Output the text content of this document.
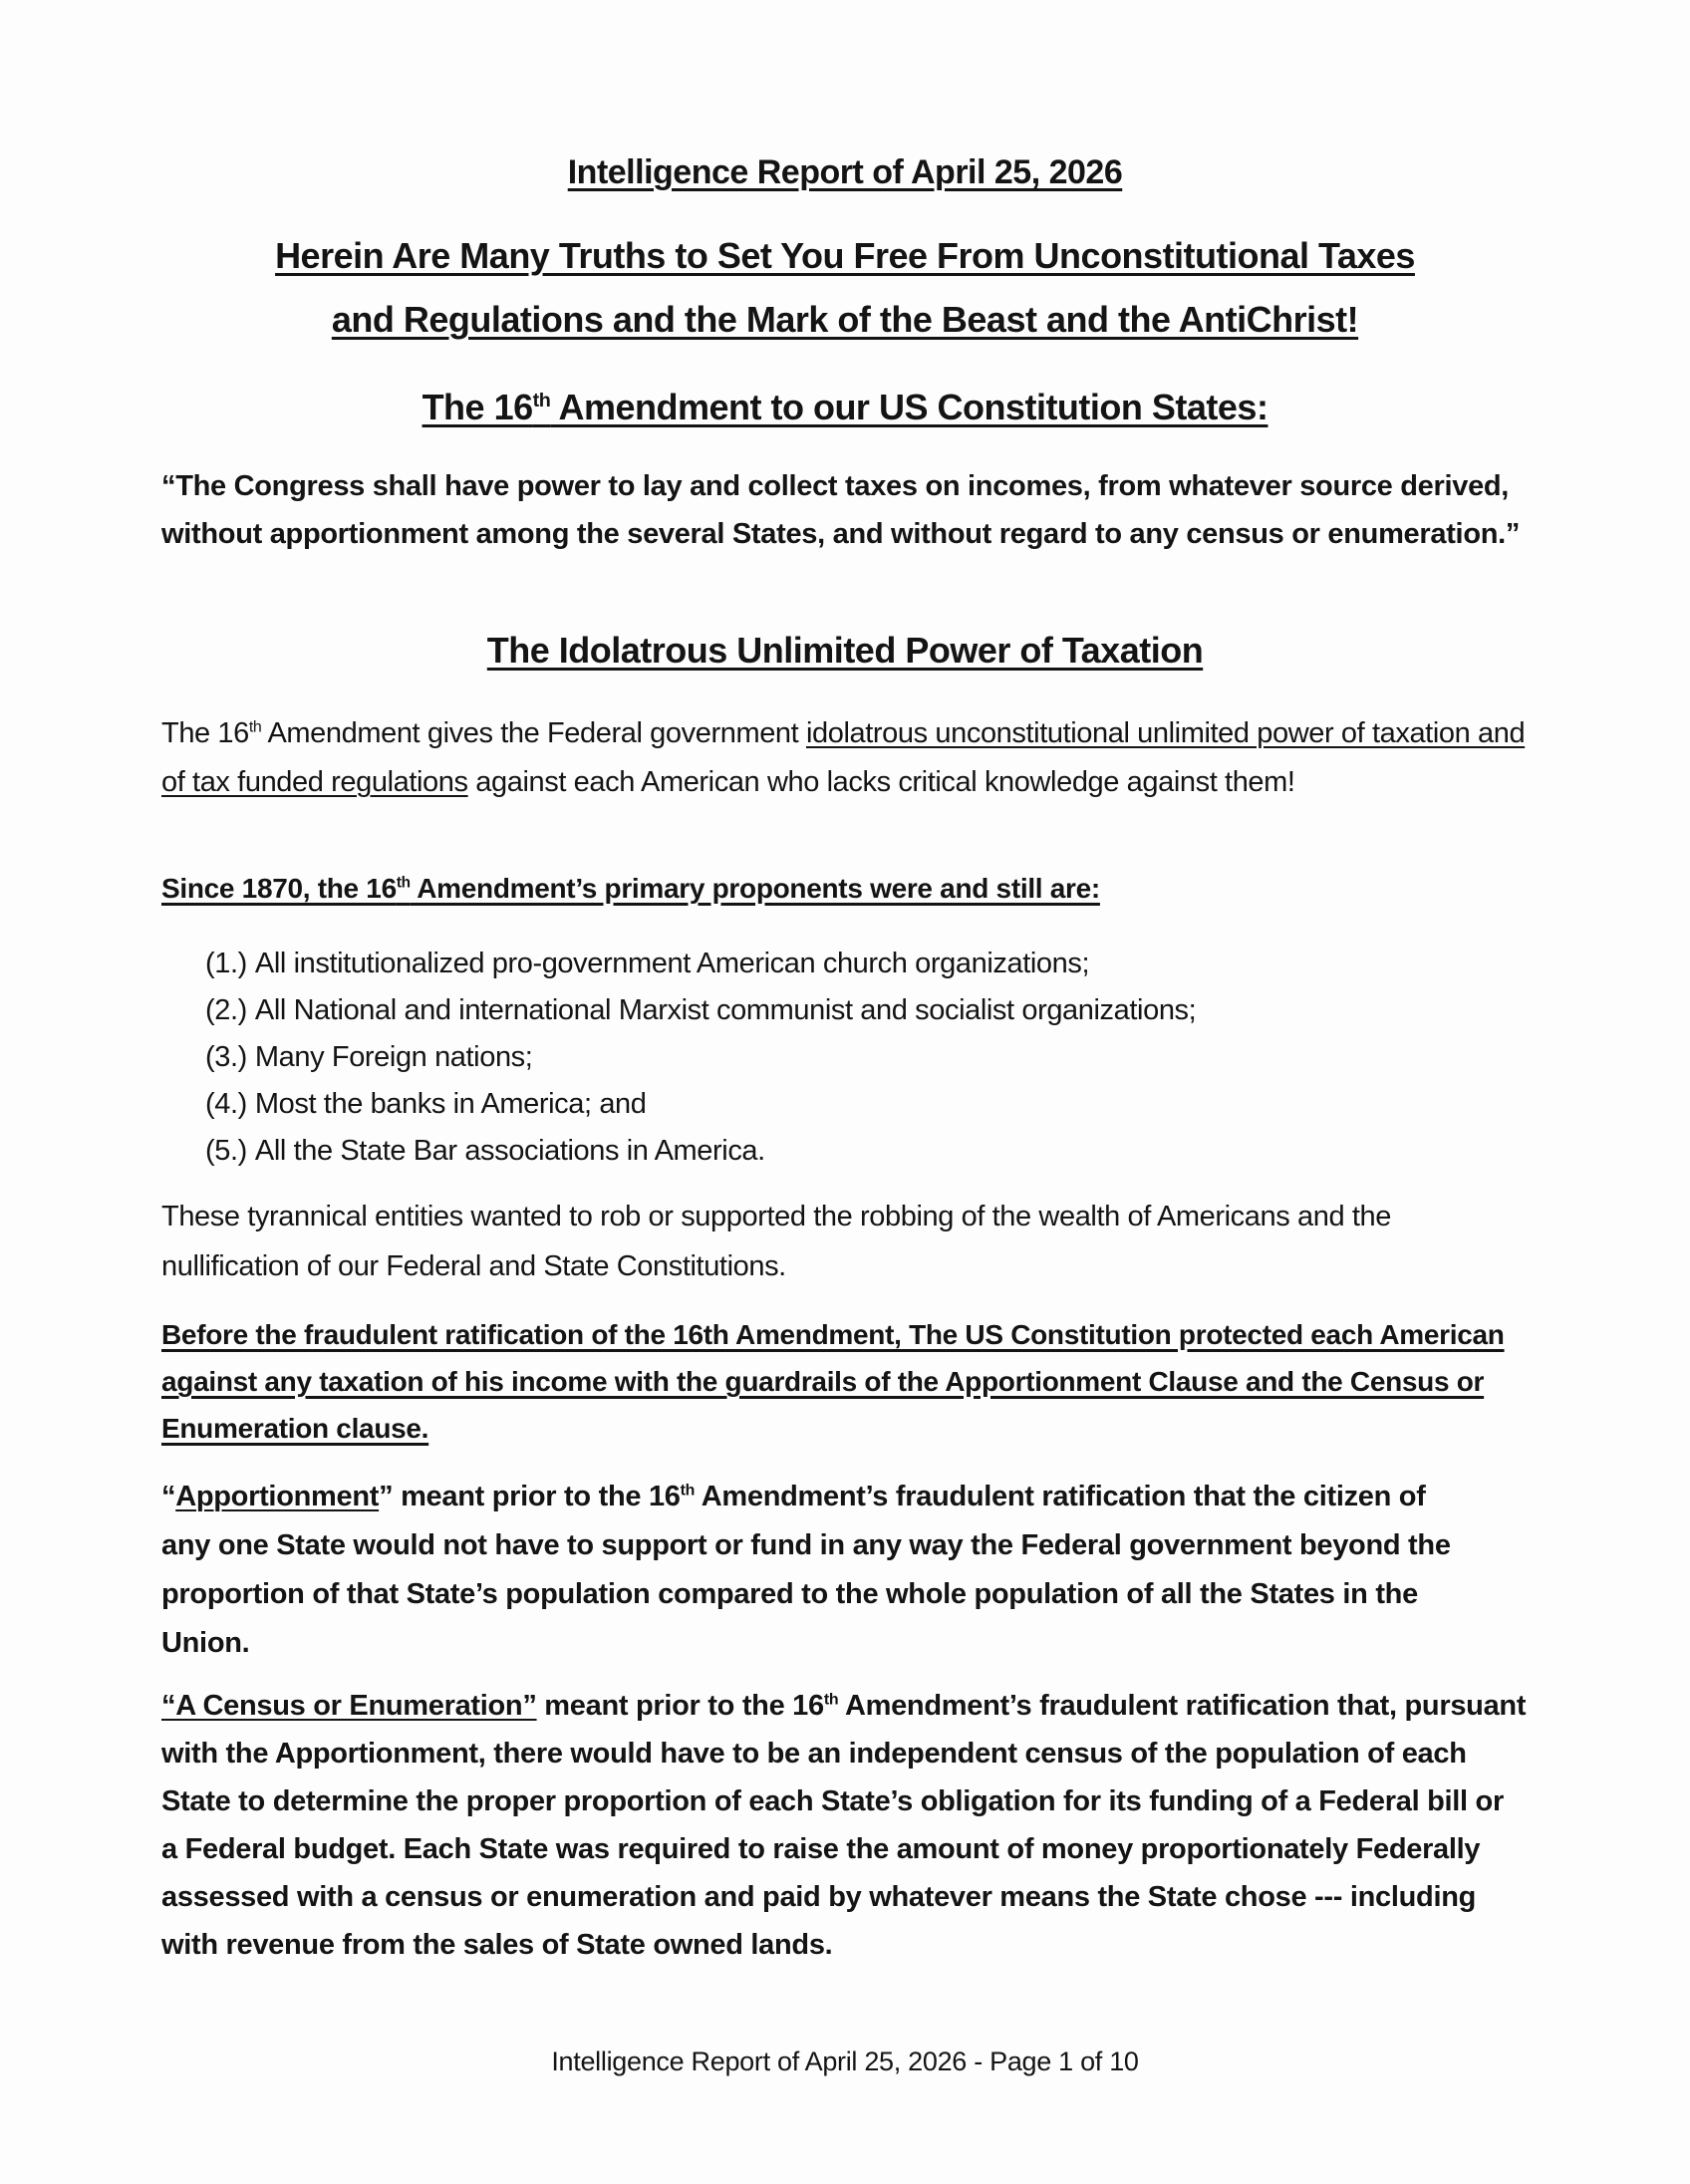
Intelligence Report of April 25, 2026
Herein Are Many Truths to Set You Free From Unconstitutional Taxes
and Regulations and the Mark of the Beast and the AntiChrist!
The 16th Amendment to our US Constitution States:

“The Congress shall have power to lay and collect taxes on incomes, from whatever source derived, without apportionment among the several States, and without regard to any census or enumeration.”

The Idolatrous Unlimited Power of Taxation

The 16th Amendment gives the Federal government idolatrous unconstitutional unlimited power of taxation and of tax funded regulations against each American who lacks critical knowledge against them!

Since 1870, the 16th Amendment’s primary proponents were and still are:
(1.) All institutionalized pro-government American church organizations;
(2.) All National and international Marxist communist and socialist organizations;
(3.) Many Foreign nations;
(4.) Most the banks in America; and
(5.) All the State Bar associations in America.

These tyrannical entities wanted to rob or supported the robbing of the wealth of Americans and the nullification of our Federal and State Constitutions.

Before the fraudulent ratification of the 16th Amendment, The US Constitution protected each American against any taxation of his income with the guardrails of the Apportionment Clause and the Census or Enumeration clause.

“Apportionment” meant prior to the 16th Amendment’s fraudulent ratification that the citizen of any one State would not have to support or fund in any way the Federal government beyond the proportion of that State’s population compared to the whole population of all the States in the Union.

“A Census or Enumeration” meant prior to the 16th Amendment’s fraudulent ratification that, pursuant with the Apportionment, there would have to be an independent census of the population of each State to determine the proper proportion of each State’s obligation for its funding of a Federal bill or a Federal budget. Each State was required to raise the amount of money proportionately Federally assessed with a census or enumeration and paid by whatever means the State chose --- including with revenue from the sales of State owned lands.

Intelligence Report of April 25, 2026 - Page 1 of 10
